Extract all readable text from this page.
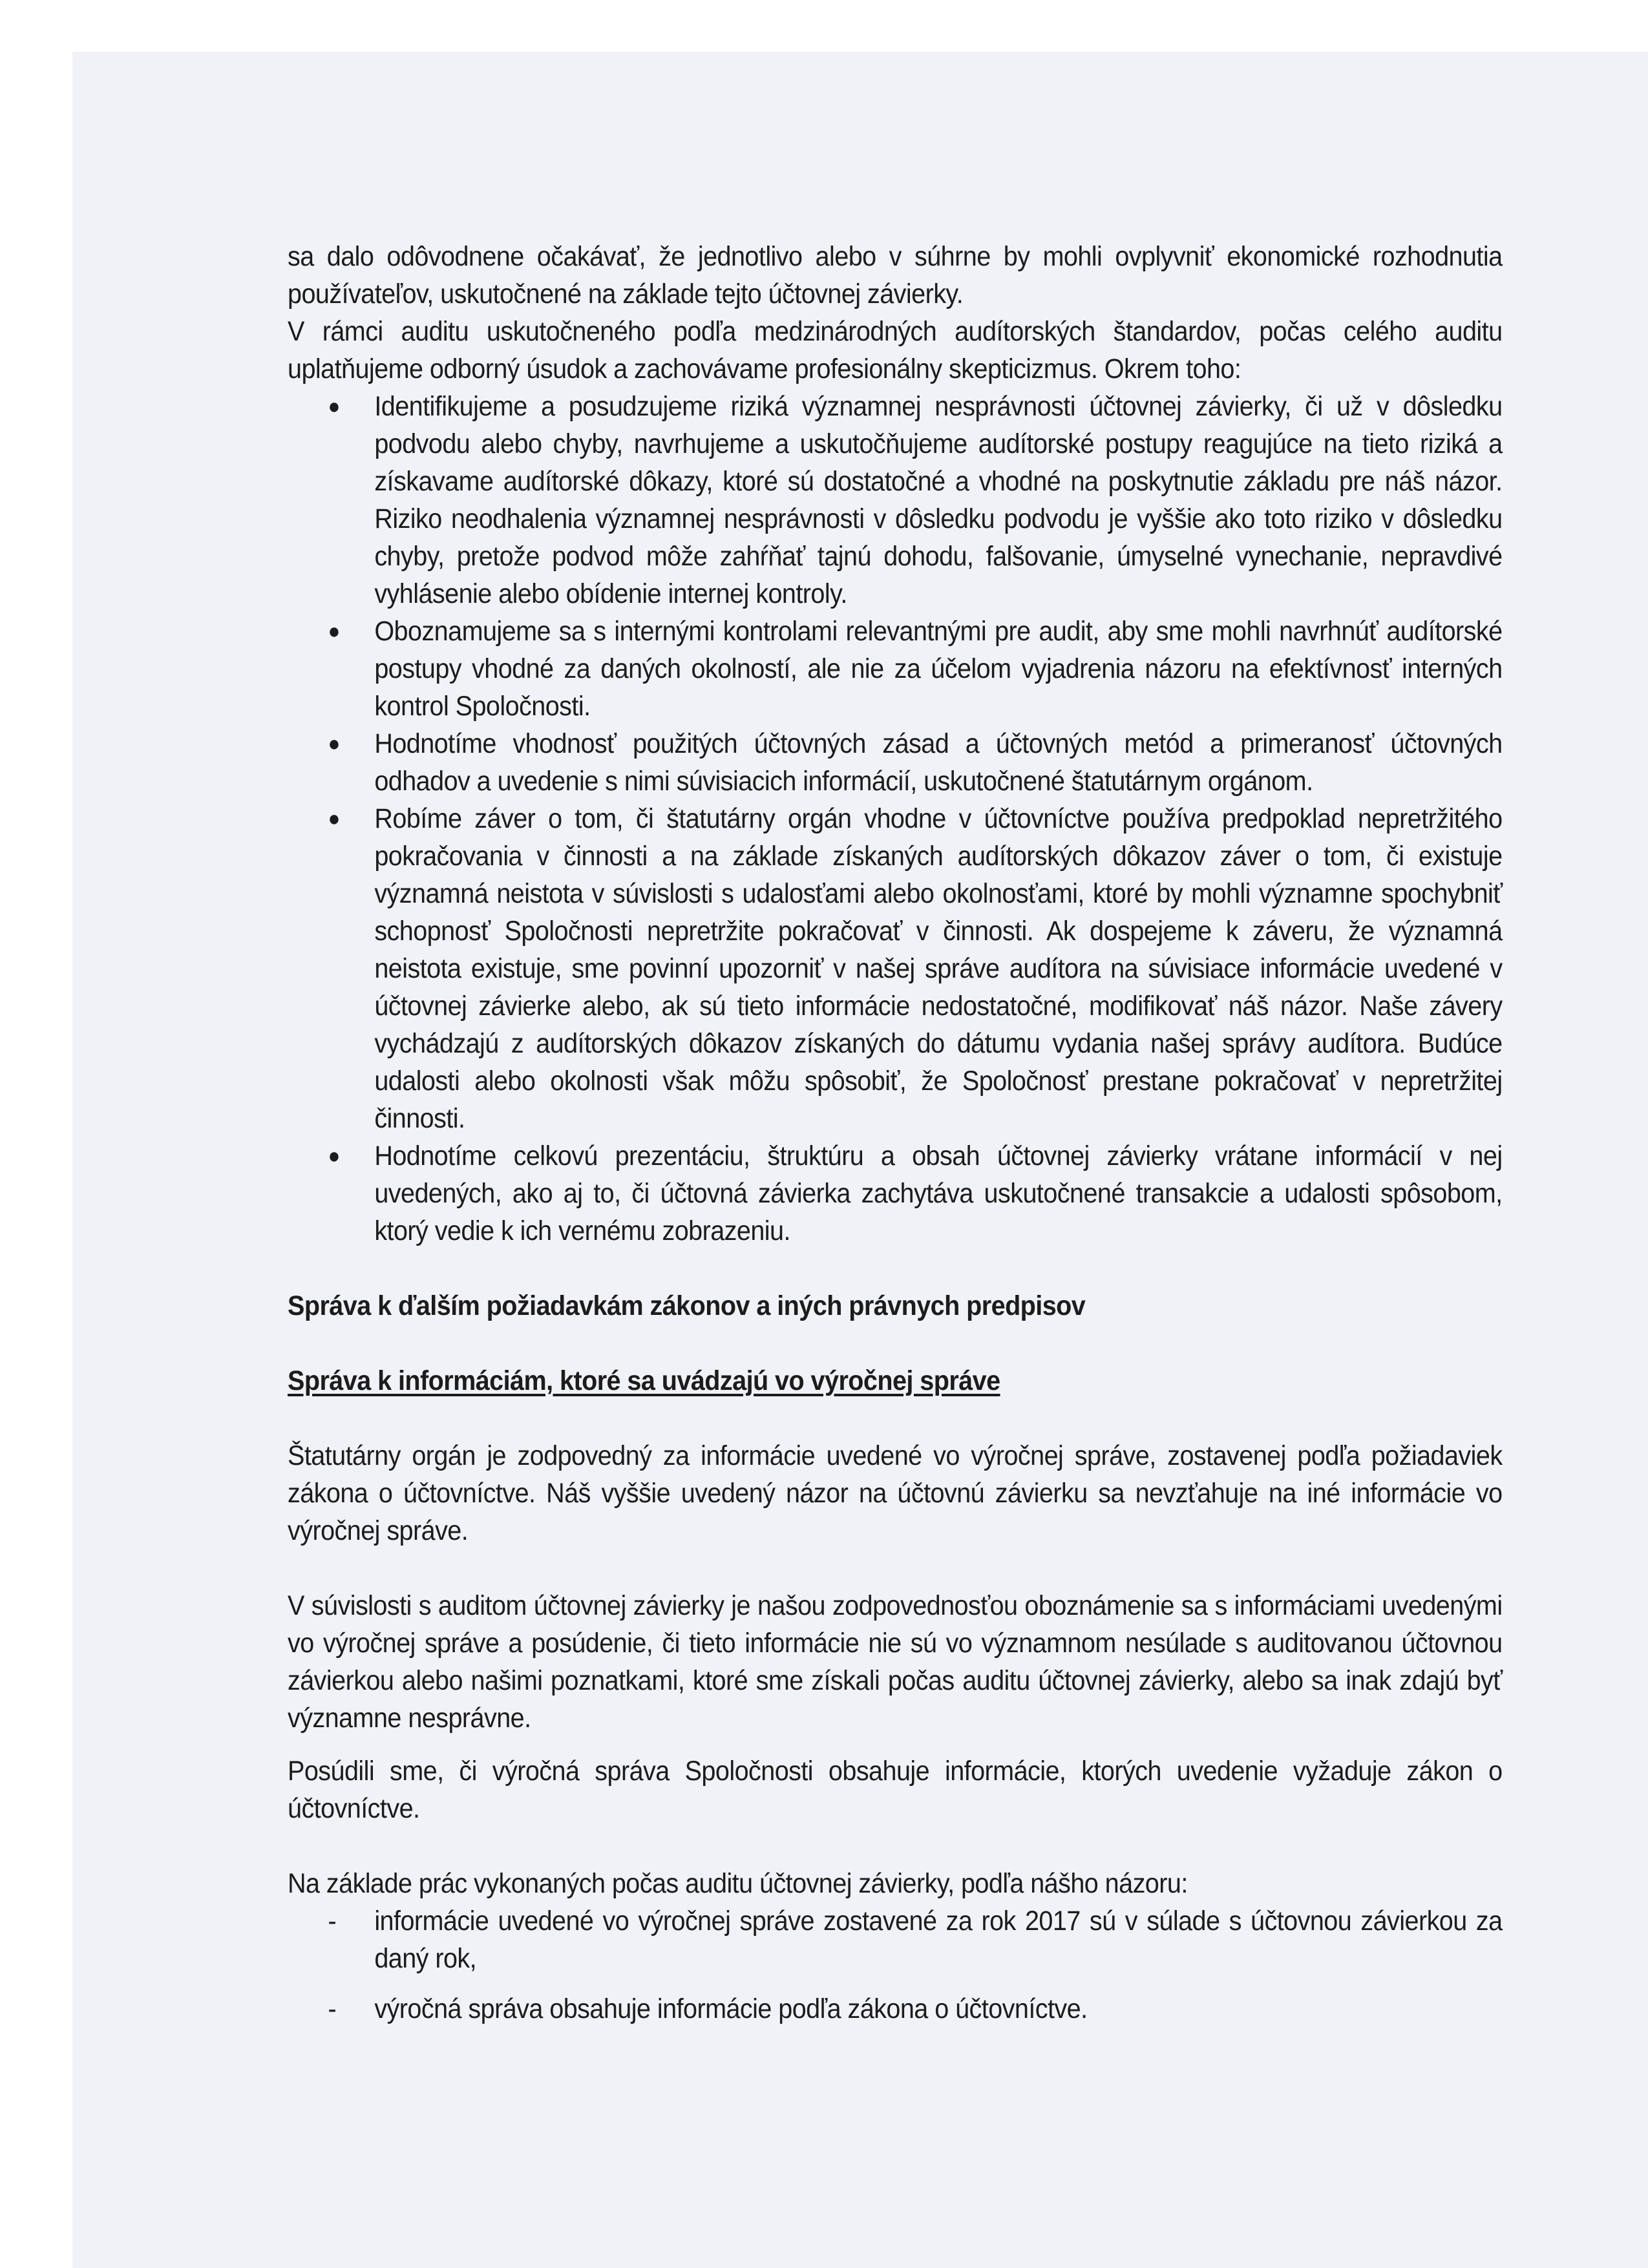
sa dalo odôvodnene očakávať, že jednotlivo alebo v súhrne by mohli ovplyvniť ekonomické rozhodnutia používateľov, uskutočnené na základe tejto účtovnej závierky.

V rámci auditu uskutočneného podľa medzinárodných audítorských štandardov, počas celého auditu uplatňujeme odborný úsudok a zachovávame profesionálny skepticizmus. Okrem toho:

● Identifikujeme a posudzujeme riziká významnej nesprávnosti účtovnej závierky, či už v dôsledku podvodu alebo chyby, navrhujeme a uskutočňujeme audítorské postupy reagujúce na tieto riziká a získavame audítorské dôkazy, ktoré sú dostatočné a vhodné na poskytnutie základu pre náš názor. Riziko neodhalenia významnej nesprávnosti v dôsledku podvodu je vyššie ako toto riziko v dôsledku chyby, pretože podvod môže zahŕňať tajnú dohodu, falšovanie, úmyselné vynechanie, nepravdivé vyhlásenie alebo obídenie internej kontroly.
● Oboznamujeme sa s internými kontrolami relevantnými pre audit, aby sme mohli navrhnúť audítorské postupy vhodné za daných okolností, ale nie za účelom vyjadrenia názoru na efektívnosť interných kontrol Spoločnosti.
● Hodnotíme vhodnosť použitých účtovných zásad a účtovných metód a primeranosť účtovných odhadov a uvedenie s nimi súvisiacich informácií, uskutočnené štatutárnym orgánom.
● Robíme záver o tom, či štatutárny orgán vhodne v účtovníctve používa predpoklad nepretržitého pokračovania v činnosti a na základe získaných audítorských dôkazov záver o tom, či existuje významná neistota v súvislosti s udalosťami alebo okolnosťami, ktoré by mohli významne spochybniť schopnosť Spoločnosti nepretržite pokračovať v činnosti. Ak dospejeme k záveru, že významná neistota existuje, sme povinní upozorniť v našej správe audítora na súvisiace informácie uvedené v účtovnej závierke alebo, ak sú tieto informácie nedostatočné, modifikovať náš názor. Naše závery vychádzajú z audítorských dôkazov získaných do dátumu vydania našej správy audítora. Budúce udalosti alebo okolnosti však môžu spôsobiť, že Spoločnosť prestane pokračovať v nepretržitej činnosti.
● Hodnotíme celkovú prezentáciu, štruktúru a obsah účtovnej závierky vrátane informácií v nej uvedených, ako aj to, či účtovná závierka zachytáva uskutočnené transakcie a udalosti spôsobom, ktorý vedie k ich vernému zobrazeniu.
Správa k ďalším požiadavkám zákonov a iných právnych predpisov
Správa k informáciám, ktoré sa uvádzajú vo výročnej správe

Štatutárny orgán je zodpovedný za informácie uvedené vo výročnej správe, zostavenej podľa požiadaviek zákona o účtovníctve. Náš vyššie uvedený názor na účtovnú závierku sa nevzťahuje na iné informácie vo výročnej správe.

V súvislosti s auditom účtovnej závierky je našou zodpovednosťou oboznámenie sa s informáciami uvedenými vo výročnej správe a posúdenie, či tieto informácie nie sú vo významnom nesúlade s auditovanou účtovnou závierkou alebo našimi poznatkami, ktoré sme získali počas auditu účtovnej závierky, alebo sa inak zdajú byť významne nesprávne.

Posúdili sme, či výročná správa Spoločnosti obsahuje informácie, ktorých uvedenie vyžaduje zákon o účtovníctve.

Na základe prác vykonaných počas auditu účtovnej závierky, podľa nášho názoru:

- informácie uvedené vo výročnej správe zostavené za rok 2017 sú v súlade s účtovnou závierkou za daný rok,
- výročná správa obsahuje informácie podľa zákona o účtovníctve.
